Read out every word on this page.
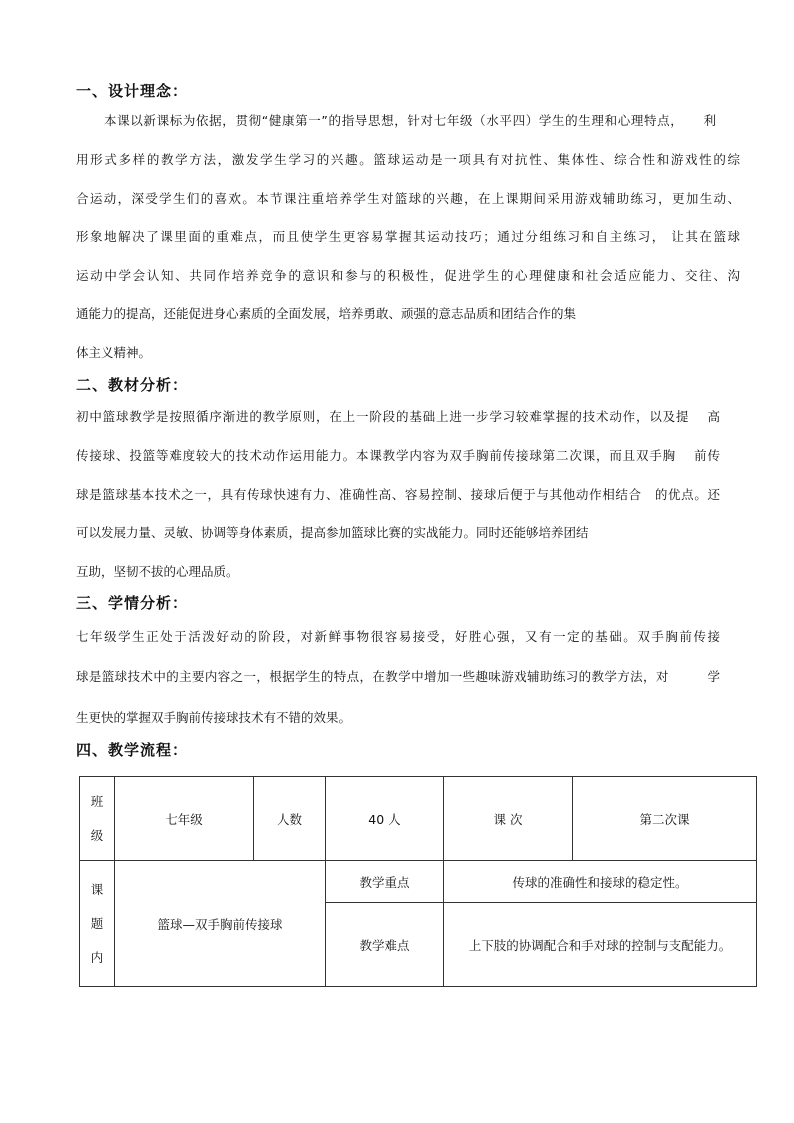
一、设计理念：
本课以新课标为依据，贯彻“健康第一”的指导思想，针对七年级（水平四）学生的生理和心理特点，　　利
用形式多样的教学方法，激发学生学习的兴趣。篮球运动是一项具有对抗性、集体性、综合性和游戏性的综
合运动，深受学生们的喜欢。本节课注重培养学生对篮球的兴趣，在上课期间采用游戏辅助练习，更加生动、
形象地解决了课里面的重难点，而且使学生更容易掌握其运动技巧；通过分组练习和自主练习， 让其在篮球
运动中学会认知、共同作培养竞争的意识和参与的积极性，促进学生的心理健康和社会适应能力、交往、沟
通能力的提高，还能促进身心素质的全面发展，培养勇敢、顽强的意志品质和团结合作的集
体主义精神。
二、教材分析：
初中篮球教学是按照循序渐进的教学原则，在上一阶段的基础上进一步学习较难掌握的技术动作，以及提　 高
传接球、投篮等难度较大的技术动作运用能力。本课教学内容为双手胸前传接球第二次课，而且双手胸　 前传
球是篮球基本技术之一，具有传球快速有力、准确性高、容易控制、接球后便于与其他动作相结合　的优点。还
可以发展力量、灵敏、协调等身体素质，提高参加篮球比赛的实战能力。同时还能够培养团结
互助，坚韧不拔的心理品质。
三、学情分析：
七年级学生正处于活泼好动的阶段，对新鲜事物很容易接受，好胜心强，又有一定的基础。双手胸前传接
球是篮球技术中的主要内容之一，根据学生的特点，在教学中增加一些趣味游戏辅助练习的教学方法，对　　　学
生更快的掌握双手胸前传接球技术有不错的效果。
四、教学流程：
班
级	七年级	人数	40 人	课 次	第二次课

课
题
内	篮球—双手胸前传接球		教学重点	传球的准确性和接球的稳定性。	
			教学难点	上下肢的协调配合和手对球的控制与支配能力。	
